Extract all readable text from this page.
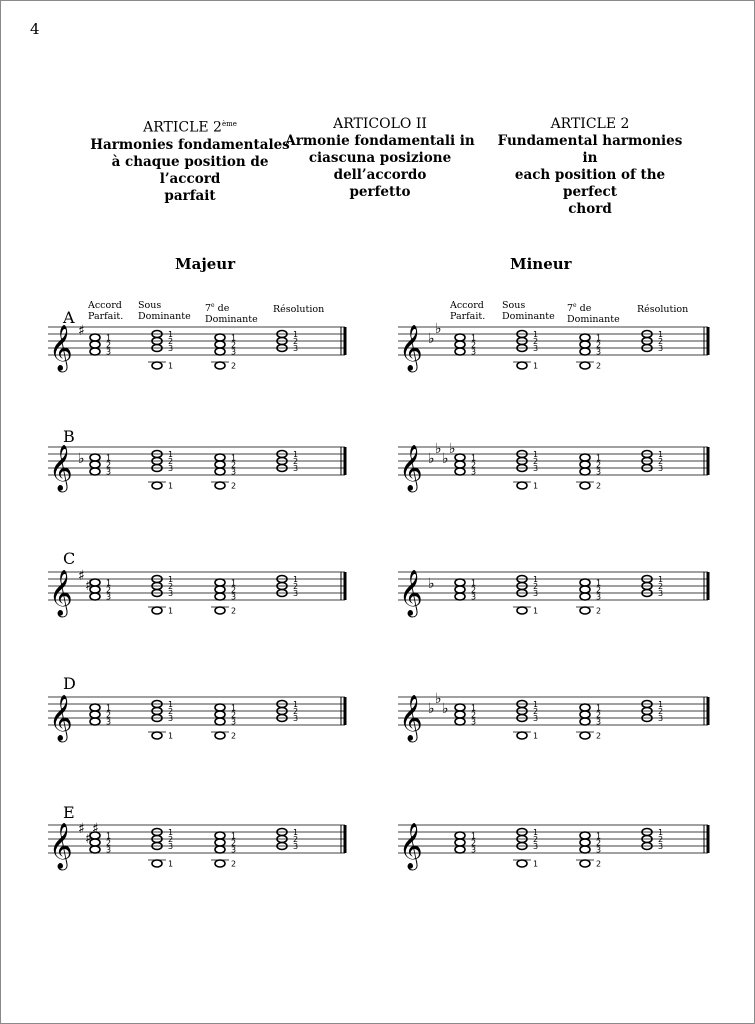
4
ARTICLE 2ème
Harmonies fondamentales
à chaque position de l’accord
parfait
ARTICOLO II
Armonie fondamentali in
ciascuna posizione dell’accordo
perfetto
ARTICLE 2
Fundamental harmonies in
each position of the perfect
chord
Majeur	Mineur
Accord
Parfait.
Sous
Dominante
7e de
Dominante
Résolution	Accord
Parfait.
Sous
Dominante
7e de
Dominante
Résolution
A
B
C
D
E
𝄞 ♯
3
2
1
3
2
1
1
3
2
1
2
3
2
1	𝄞 ♭
♭
3
2
1
3
2
1
1
3
2
1
2
3
2
1
𝄞 ♭
3
2
1
3
2
1
1
3
2
1
2
3
2
1	𝄞 ♭
♭
♭
♭
3
2
1
3
2
1
1
3
2
1
2
3
2
1
𝄞 ♯
♯
3
2
1
3
2
1
1
3
2
1
2
3
2
1	𝄞 ♭
3
2
1
3
2
1
1
3
2
1
2
3
2
1
𝄞	3
2
1
3
2
1
1
3
2
1
2
3
2
1	𝄞 ♭
♭
♭
3
2
1
3
2
1
1
3
2
1
2
3
2
1
𝄞 ♯
♯
♯
3
2
1
3
2
1
1
3
2
1
2
3
2
1	𝄞	3
2
1
3
2
1
1
3
2
1
2
3
2
1
